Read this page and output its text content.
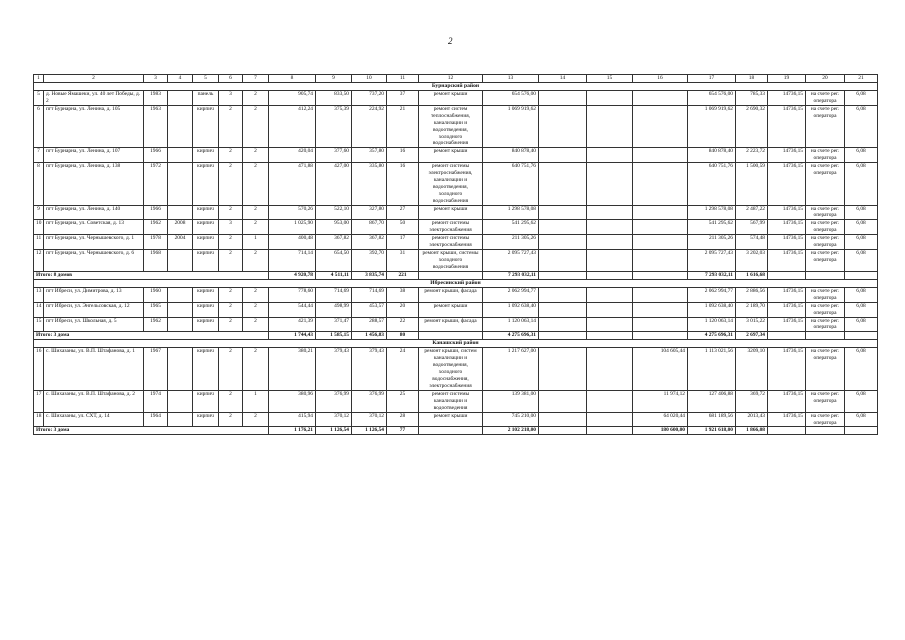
2
1	2	3	4	5	6	7	8	9	10	11	12	13	14	15	16	17	18	19	20	21
Бурнарский район																				
5	д. Новые Ямашеки, ул. 40 лет Победы, д. 2	1983		панель	3	2	905,74	833,50	737,20	37	ремонт крыши	654 576,00				654 576,00	785,33	14736,15	на счете рег. оператора	6,08
6	пгт Бурнарна, ул. Ленина, д. 105	1963		кирпич	2	2	412,24	375,39	224,92	21	ремонт систем теплоснабжения, канализации и водоотведения, холодного водоснабжения	1 069 919,62				1 069 919,62	2 690,32	14736,15	на счете рег. оператора	6,08
7	пгт Бурнарна, ул. Ленина, д. 107	1966		кирпич	2	2	420,04	377,60	357,80	16	ремонт крыши	840 878,40				840 878,40	2 223,72	14736,15	на счете рег. оператора	6,08
8	пгт Бурнарна, ул. Ленина, д. 138	1972		кирпич	2	2	471,88	427,00	335,80	16	ремонт системы электроснабжения, канализации и водоотведения, холодного водоснабжения	640 751,76				640 751,76	1 500,59	14736,15	на счете рег. оператора	6,08
9	пгт Бурнарна, ул. Ленина, д. 140	1966		кирпич	2	2	570,26	522,10	327,80	27	ремонт крыши	1 298 578,08				1 298 578,08	2 487,22	14736,15	на счете рег. оператора	6,08
10	пгт Бурнарна, ул. Советская, д. 13	1962	2008	кирпич	3	2	1 025,90	953,00	867,70	50	ремонт системы электроснабжения	541 295,62				541 295,62	567,99	14736,15	на счете рег. оператора	6,08
11	пгт Бурнарна, ул. Чернышевского, д. 1	1978	2004	кирпич	2	1	400,48	367,82	367,82	17	ремонт системы электроснабжения	211 305,26				211 305,26	574,48	14736,15	на счете рег. оператора	6,08
12	пгт Бурнарна, ул. Чернышевского, д. 6	1968		кирпич	2	2	714,14	654,50	392,70	31	ремонт крыши, системы холодного водоснабжения	2 095 727,43				2 095 727,43	3 202,03	14736,15	на счете рег. оператора	6,08
Итого: 8 домов							4 920,78	4 511,11	3 835,74	221		7 293 032,11				7 293 032,11	1 616,68			
Ибресинский район																				
13	пгт Ибреси, ул. Димитрова, д. 13	1960		кирпич	2	2	778,60	714,69	714,69	38	ремонт крыши, фасада	2 062 994,77				2 062 994,77	2 886,56	14736,15	на счете рег. оператора	6,08
14	пгт Ибреси, ул. Энгельсовская, д. 12	1965		кирпич	2	2	544,44	498,99	453,57	20	ремонт крыши	1 092 638,40				1 092 638,40	2 189,70	14736,15	на счете рег. оператора	6,08
15	пгт Ибреси, ул. Школьная, д. 5	1962		кирпич	2	2	421,39	371,47	288,57	22	ремонт крыши, фасада	1 120 063,14				1 120 063,14	3 015,22	14736,15	на счете рег. оператора	6,08
Итого: 3 дома							1 744,43	1 585,15	1 456,83	80		4 275 696,31				4 275 696,31	2 697,34			
Канашский район																				
16	с. Шихазаны, ул. В.П. Штафанова, д. 1	1967		кирпич	2	2	380,21	379,43	379,43	24	ремонт крыши, систем канализации и водоотведения, холодного водоснабжения, электроснабжения	1 217 627,00			104 605,44	1 113 021,56	3209,10	14736,15	на счете рег. оператора	6,08
17	с. Шихазаны, ул. В.П. Штафанова, д. 2	1974		кирпич	2	1	380,96	376,99	376,99	25	ремонт системы канализации и водоотведения	139 381,00			11 974,12	127 406,88	369,72	14736,15	на счете рег. оператора	6,08
18	с. Шихазаны, ул. СХТ, д. 14	1964		кирпич	2	2	415,94	370,12	370,12	28	ремонт крыши	745 210,00			64 020,44	681 189,56	2013,43	14736,15	на счете рег. оператора	6,08
Итого: 3 дома							1 176,21	1 126,54	1 126,54	77		2 102 218,00			180 600,00	1 921 618,00	1 866,08			
